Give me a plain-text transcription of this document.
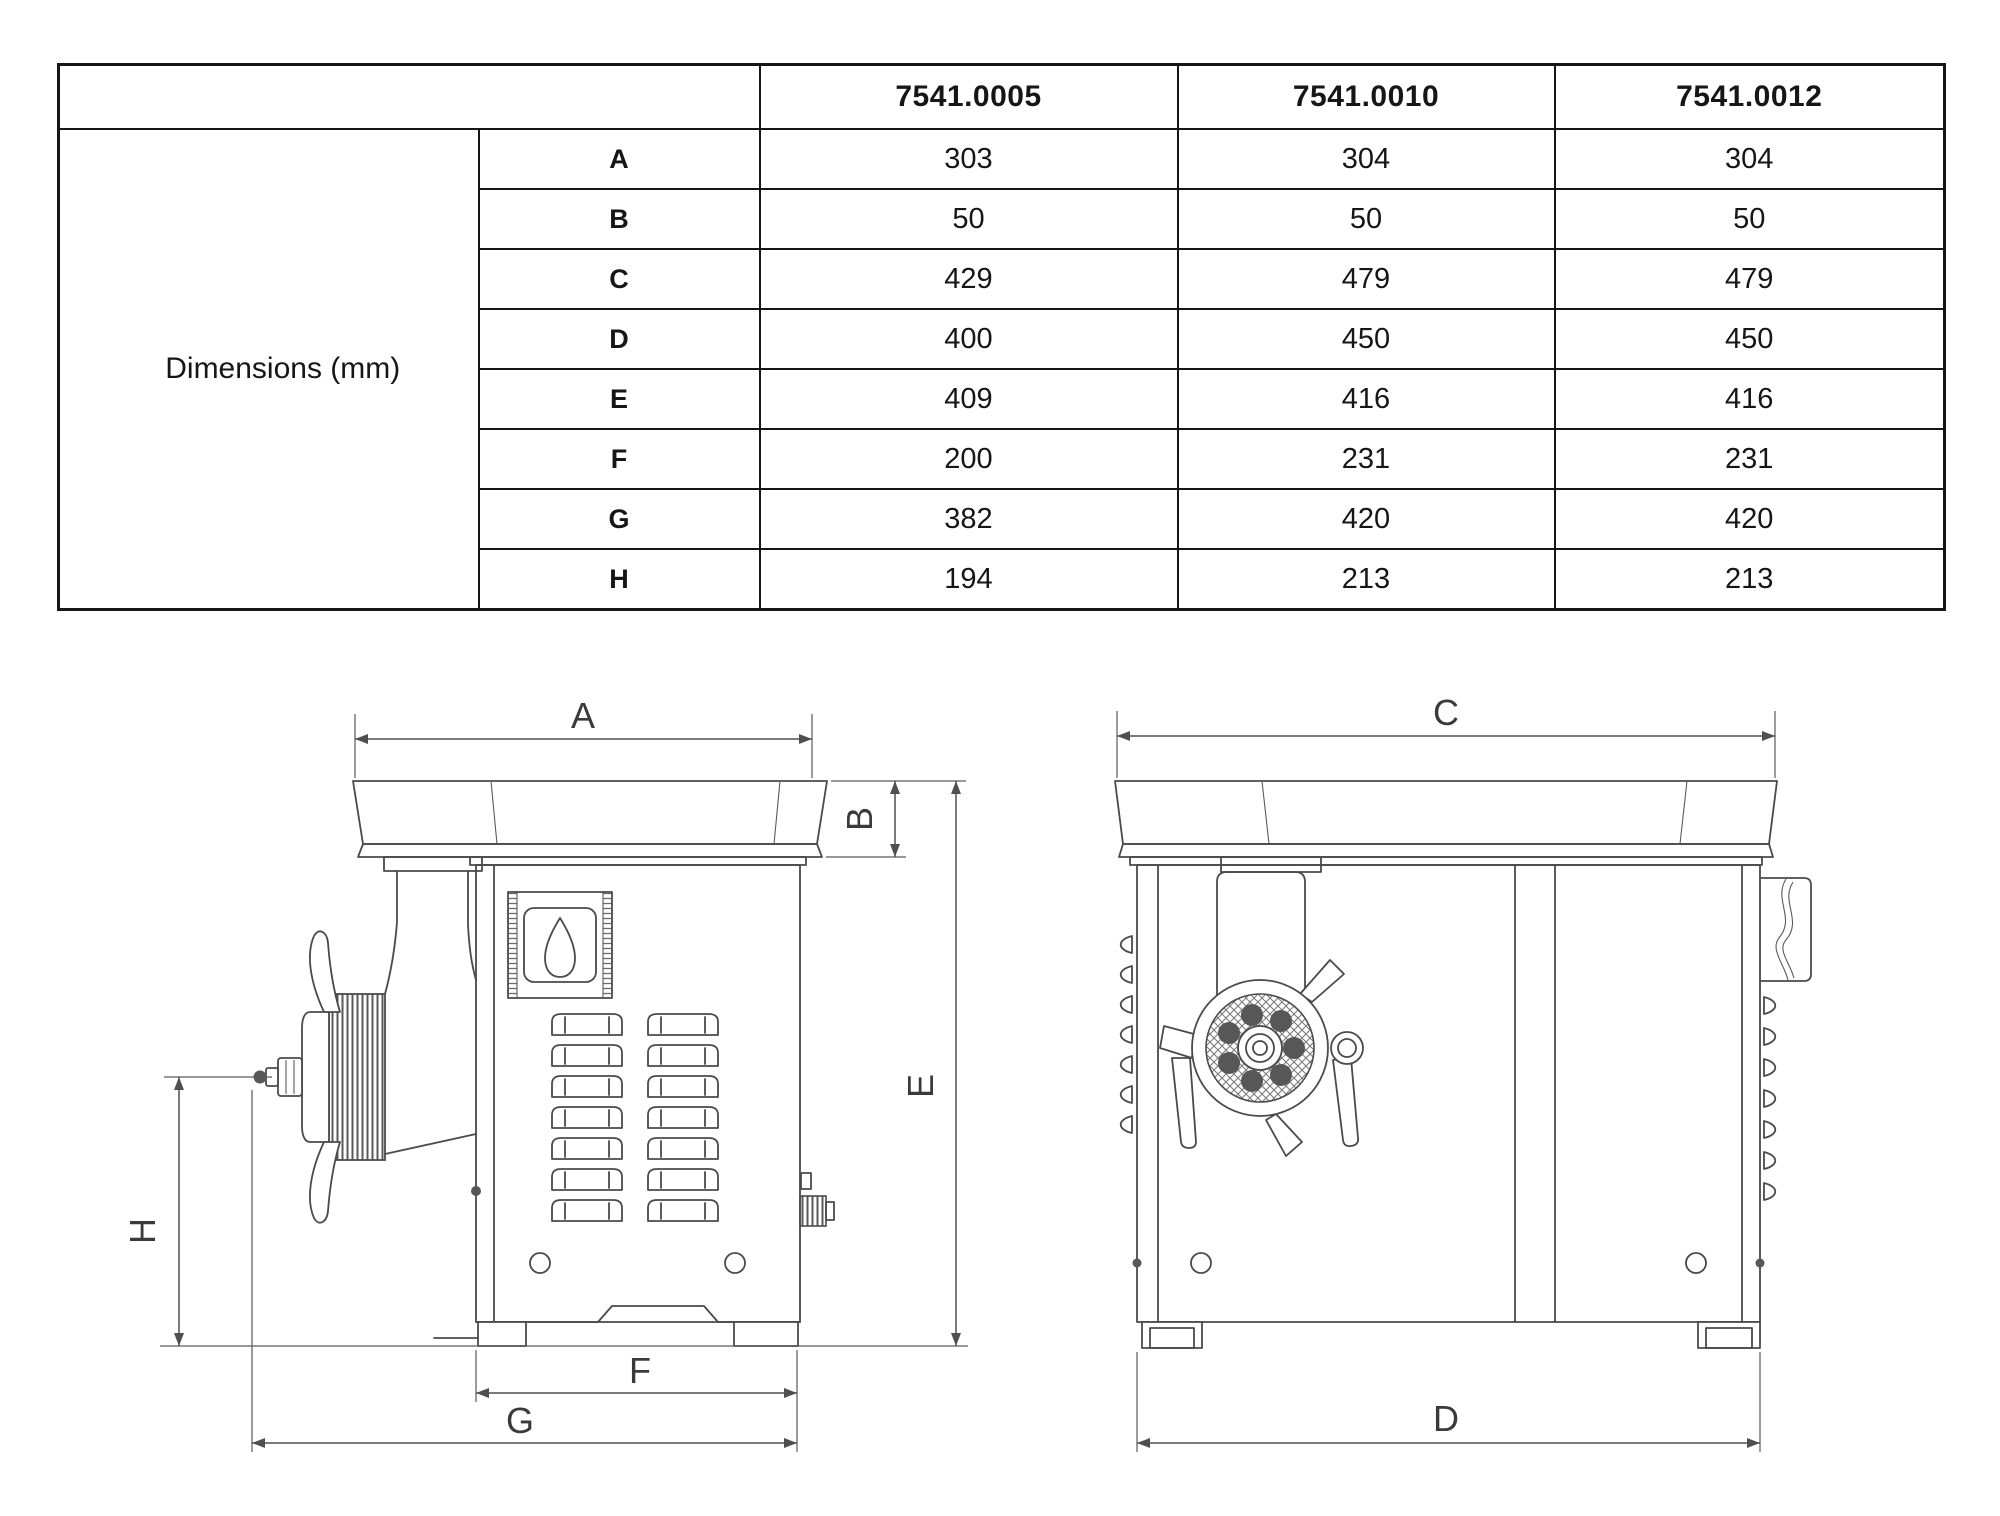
		7541.0005	7541.0010	7541.0012
Dimensions (mm)	A	303	304	304
	B	50	50	50
	C	429	479	479
	D	400	450	450
	E	409	416	416
	F	200	231	231
	G	382	420	420
	H	194	213	213
A
B
E
H
F
G
C
D
